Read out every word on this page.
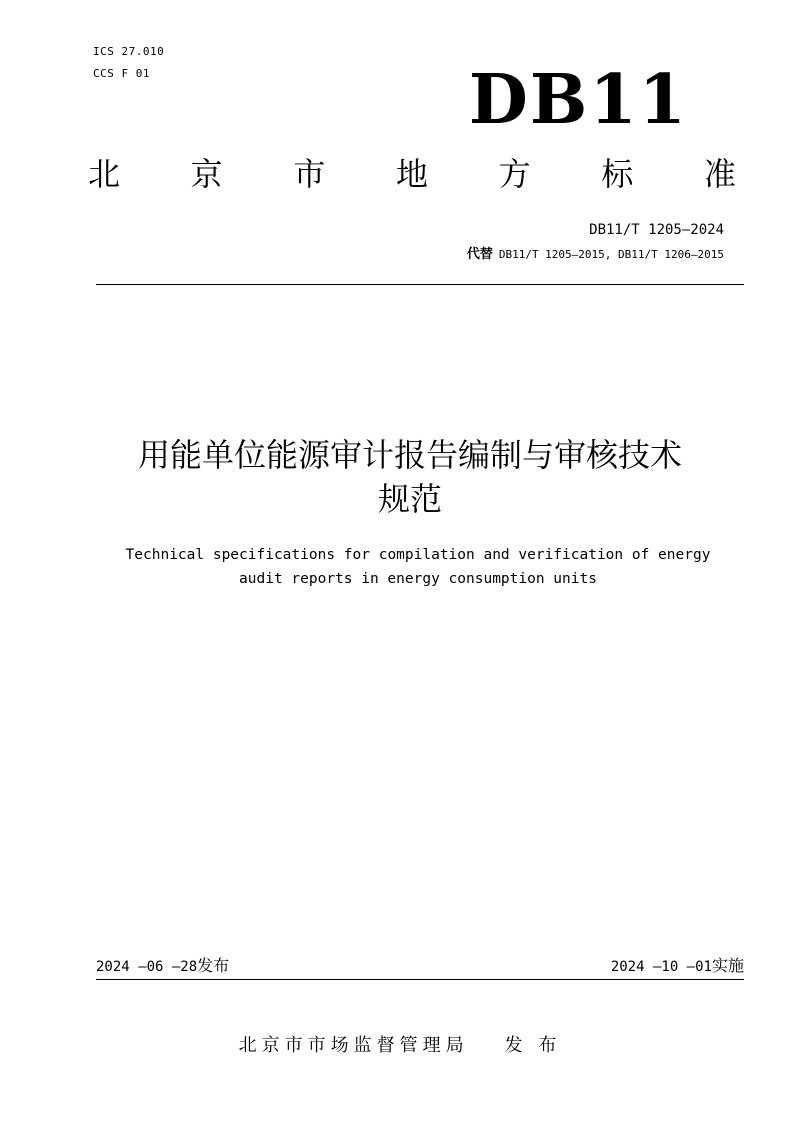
ICS 27.010
CCS F 01	DB11
北 京 市 地 方 标 准
DB11/T 1205—2024
代替 DB11/T 1205—2015, DB11/T 1206—2015
用能单位能源审计报告编制与审核技术
规范
Technical specifications for compilation and verification of energy
audit reports in energy consumption units
2024 —06 —28发布	2024 —10 —01实施
北京市市场监督管理局 发 布
